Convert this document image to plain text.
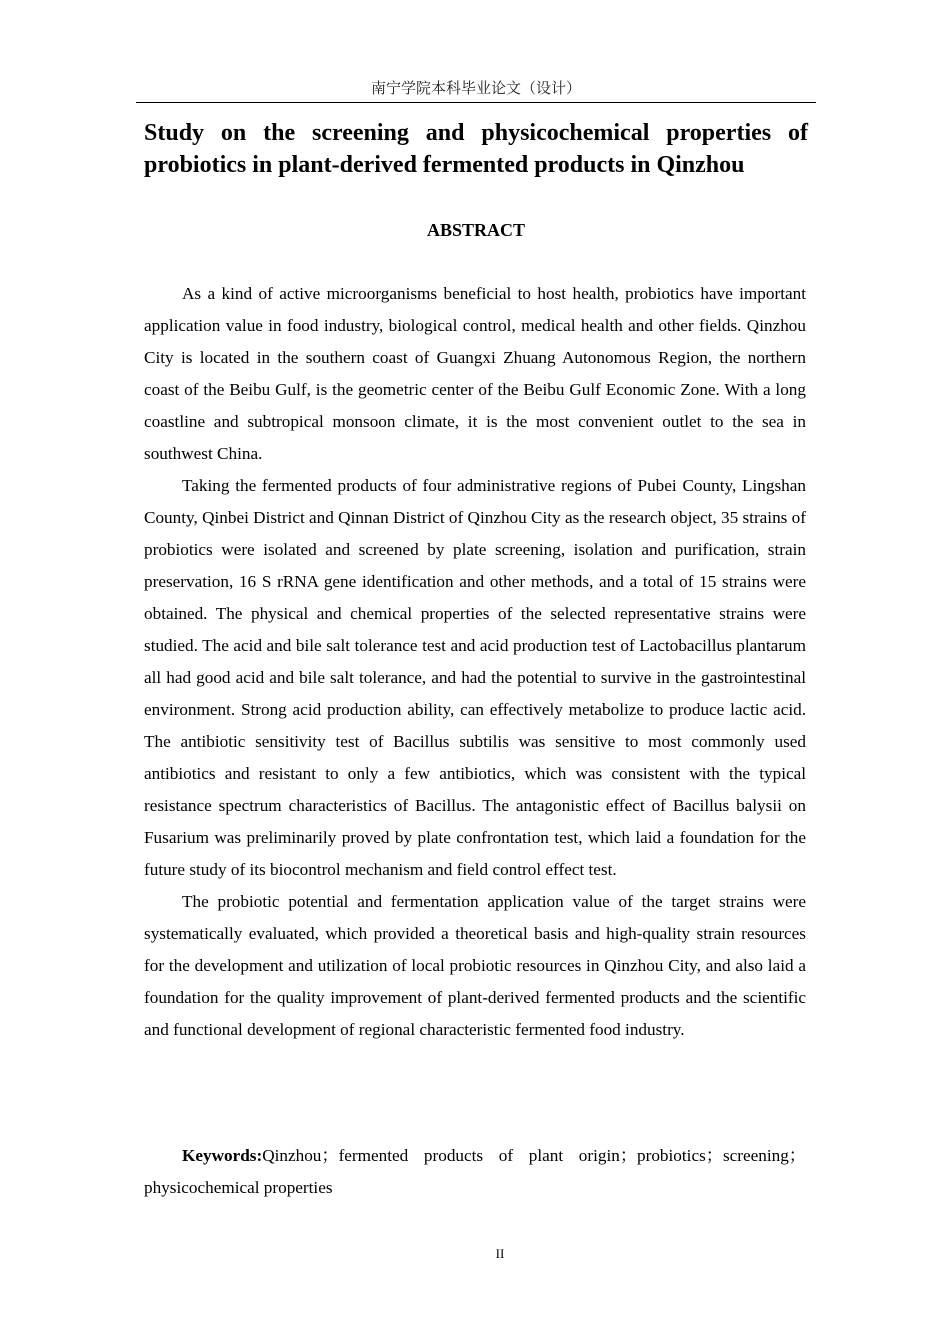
南宁学院本科毕业论文（设计）
Study on the screening and physicochemical properties of probiotics in plant-derived fermented products in Qinzhou
ABSTRACT

As a kind of active microorganisms beneficial to host health, probiotics have important application value in food industry, biological control, medical health and other fields. Qinzhou City is located in the southern coast of Guangxi Zhuang Autonomous Region, the northern coast of the Beibu Gulf, is the geometric center of the Beibu Gulf Economic Zone. With a long coastline and subtropical monsoon climate, it is the most convenient outlet to the sea in southwest China.

Taking the fermented products of four administrative regions of Pubei County, Lingshan County, Qinbei District and Qinnan District of Qinzhou City as the research object, 35 strains of probiotics were isolated and screened by plate screening, isolation and purification, strain preservation, 16 S rRNA gene identification and other methods, and a total of 15 strains were obtained. The physical and chemical properties of the selected representative strains were studied. The acid and bile salt tolerance test and acid production test of Lactobacillus plantarum all had good acid and bile salt tolerance, and had the potential to survive in the gastrointestinal environment. Strong acid production ability, can effectively metabolize to produce lactic acid. The antibiotic sensitivity test of Bacillus subtilis was sensitive to most commonly used antibiotics and resistant to only a few antibiotics, which was consistent with the typical resistance spectrum characteristics of Bacillus. The antagonistic effect of Bacillus balysii on Fusarium was preliminarily proved by plate confrontation test, which laid a foundation for the future study of its biocontrol mechanism and field control effect test.

The probiotic potential and fermentation application value of the target strains were systematically evaluated, which provided a theoretical basis and high-quality strain resources for the development and utilization of local probiotic resources in Qinzhou City, and also laid a foundation for the quality improvement of plant-derived fermented products and the scientific and functional development of regional characteristic fermented food industry.

Keywords:Qinzhou；fermented products of plant origin；probiotics；screening；physicochemical properties

II
